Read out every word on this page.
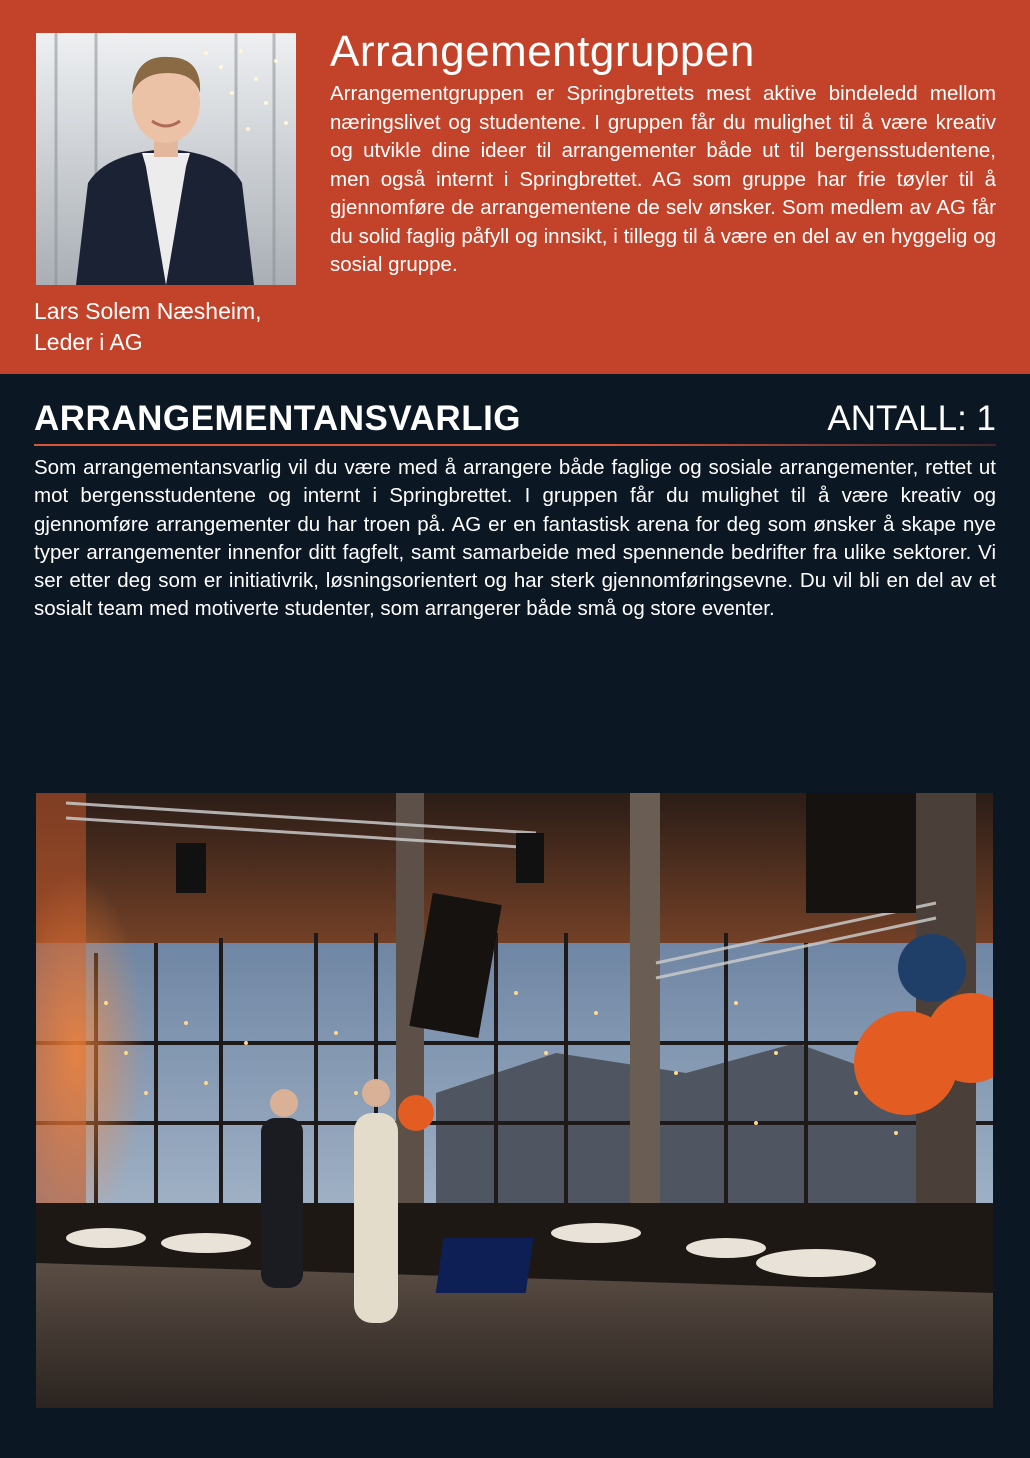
Lars Solem Næsheim,
Leder i AG
Arrangementgruppen

Arrangementgruppen er Springbrettets mest aktive bindeledd mellom næringslivet og studentene. I gruppen får du mulighet til å være kreativ og utvikle dine ideer til arrangementer både ut til bergensstudentene, men også internt i Springbrettet. AG som gruppe har frie tøyler til å gjennomføre de arrangementene de selv ønsker. Som medlem av AG får du solid faglig påfyll og innsikt, i tillegg til å være en del av en hyggelig og sosial gruppe.

ARRANGEMENTANSVARLIG	ANTALL: 1

Som arrangementansvarlig vil du være med å arrangere både faglige og sosiale arrangementer, rettet ut mot bergensstudentene og internt i Springbrettet. I gruppen får du mulighet til å være kreativ og gjennomføre arrangementer du har troen på. AG er en fantastisk arena for deg som ønsker å skape nye typer arrangementer innenfor ditt fagfelt, samt samarbeide med spennende bedrifter fra ulike sektorer. Vi ser etter deg som er initiativrik, løsningsorientert og har sterk gjennomføringsevne. Du vil bli en del av et sosialt team med motiverte studenter, som arrangerer både små og store eventer.
